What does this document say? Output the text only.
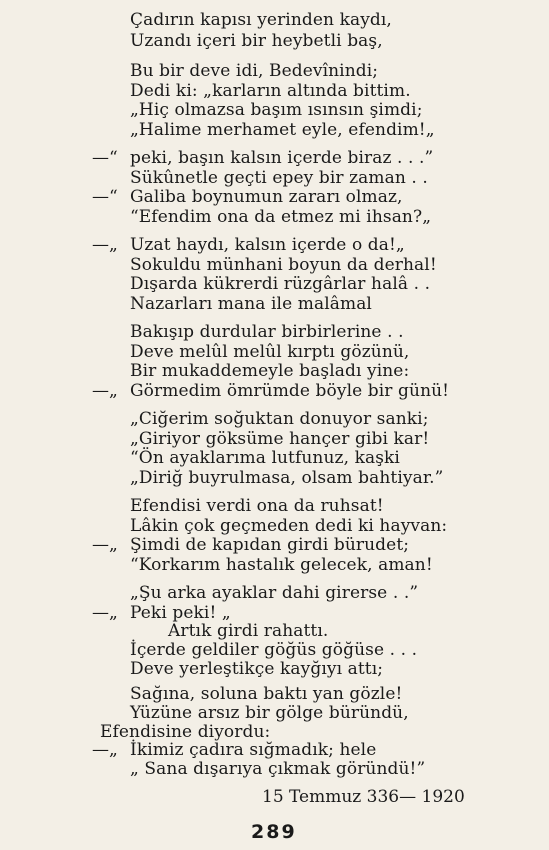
Çadırın kapısı yerinden kaydı,
Uzandı içeri bir heybetli baş,
Bu bir deve idi, Bedevînindi;
Dedi ki: „karların altında bittim.
„Hiç olmazsa başım ısınsın şimdi;
„Halime merhamet eyle, efendim!„
peki, başın kalsın içerde biraz . . .”
—“
Sükûnetle geçti epey bir zaman . .
Galiba boynumun zararı olmaz,
—“
“Efendim ona da etmez mi ihsan?„
Uzat haydı, kalsın içerde o da!„
—„
Sokuldu münhani boyun da derhal!
Dışarda kükrerdi rüzgârlar halâ . .
Nazarları mana ile malâmal
Bakışıp durdular birbirlerine . .
Deve melûl melûl kırptı gözünü,
Bir mukaddemeyle başladı yine:
Görmedim ömrümde böyle bir günü!
—„
„Ciğerim soğuktan donuyor sanki;
„Giriyor göksüme hançer gibi kar!
“Ön ayaklarıma lutfunuz, kaşki
„Diriğ buyrulmasa, olsam bahtiyar.”
Efendisi verdi ona da ruhsat!
Lâkin çok geçmeden dedi ki hayvan:
Şimdi de kapıdan girdi bürudet;
—„
“Korkarım hastalık gelecek, aman!
„Şu arka ayaklar dahi girerse . .”
Peki peki! „
—„
Artık girdi rahattı.
İçerde geldiler göğüs göğüse . . .
Deve yerleştikçe kayğıyı attı;
Sağına, soluna baktı yan gözle!
Yüzüne arsız bir gölge büründü,
Efendisine diyordu:
İkimiz çadıra sığmadık; hele
—„
„ Sana dışarıya çıkmak göründü!”
15 Temmuz 336— 1920
289
